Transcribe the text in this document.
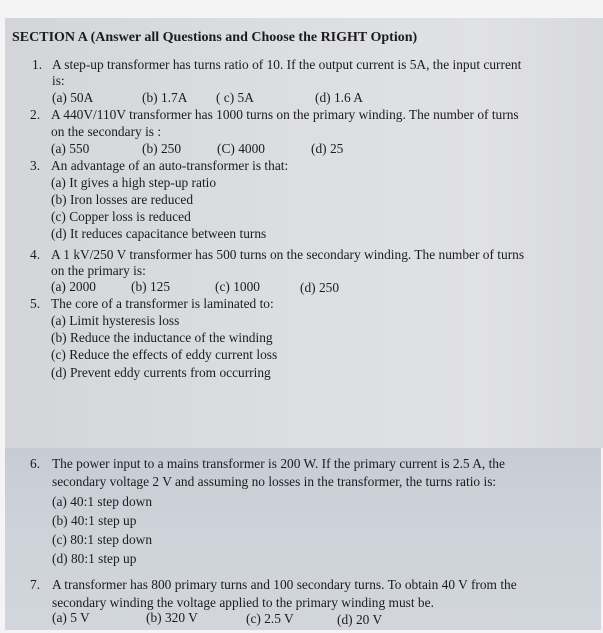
SECTION A (Answer all Questions and Choose the RIGHT Option)
1. A step-up transformer has turns ratio of 10. If the output current is 5A, the input current
is:
(a) 50A	(b) 1.7A ( c) 5A	(d) 1.6 A
2. A 440V/110V transformer has 1000 turns on the primary winding. The number of turns
on the secondary is :
(a) 550	(b) 250	(C) 4000	(d) 25
3. An advantage of an auto-transformer is that:
(a) It gives a high step-up ratio
(b) Iron losses are reduced
(c) Copper loss is reduced
(d) It reduces capacitance between turns
4. A 1 kV/250 V transformer has 500 turns on the secondary winding. The number of turns
on the primary is:
(a) 2000	(b) 125	(c) 1000	(d) 250
5. The core of a transformer is laminated to:
(a) Limit hysteresis loss
(b) Reduce the inductance of the winding
(c) Reduce the effects of eddy current loss
(d) Prevent eddy currents from occurring
6. The power input to a mains transformer is 200 W. If the primary current is 2.5 A, the
secondary voltage 2 V and assuming no losses in the transformer, the turns ratio is:
(a) 40:1 step down
(b) 40:1 step up
(c) 80:1 step down
(d) 80:1 step up
7. A transformer has 800 primary turns and 100 secondary turns. To obtain 40 V from the
secondary winding the voltage applied to the primary winding must be.
(a) 5 V	(b) 320 V	(c) 2.5 V	(d) 20 V
